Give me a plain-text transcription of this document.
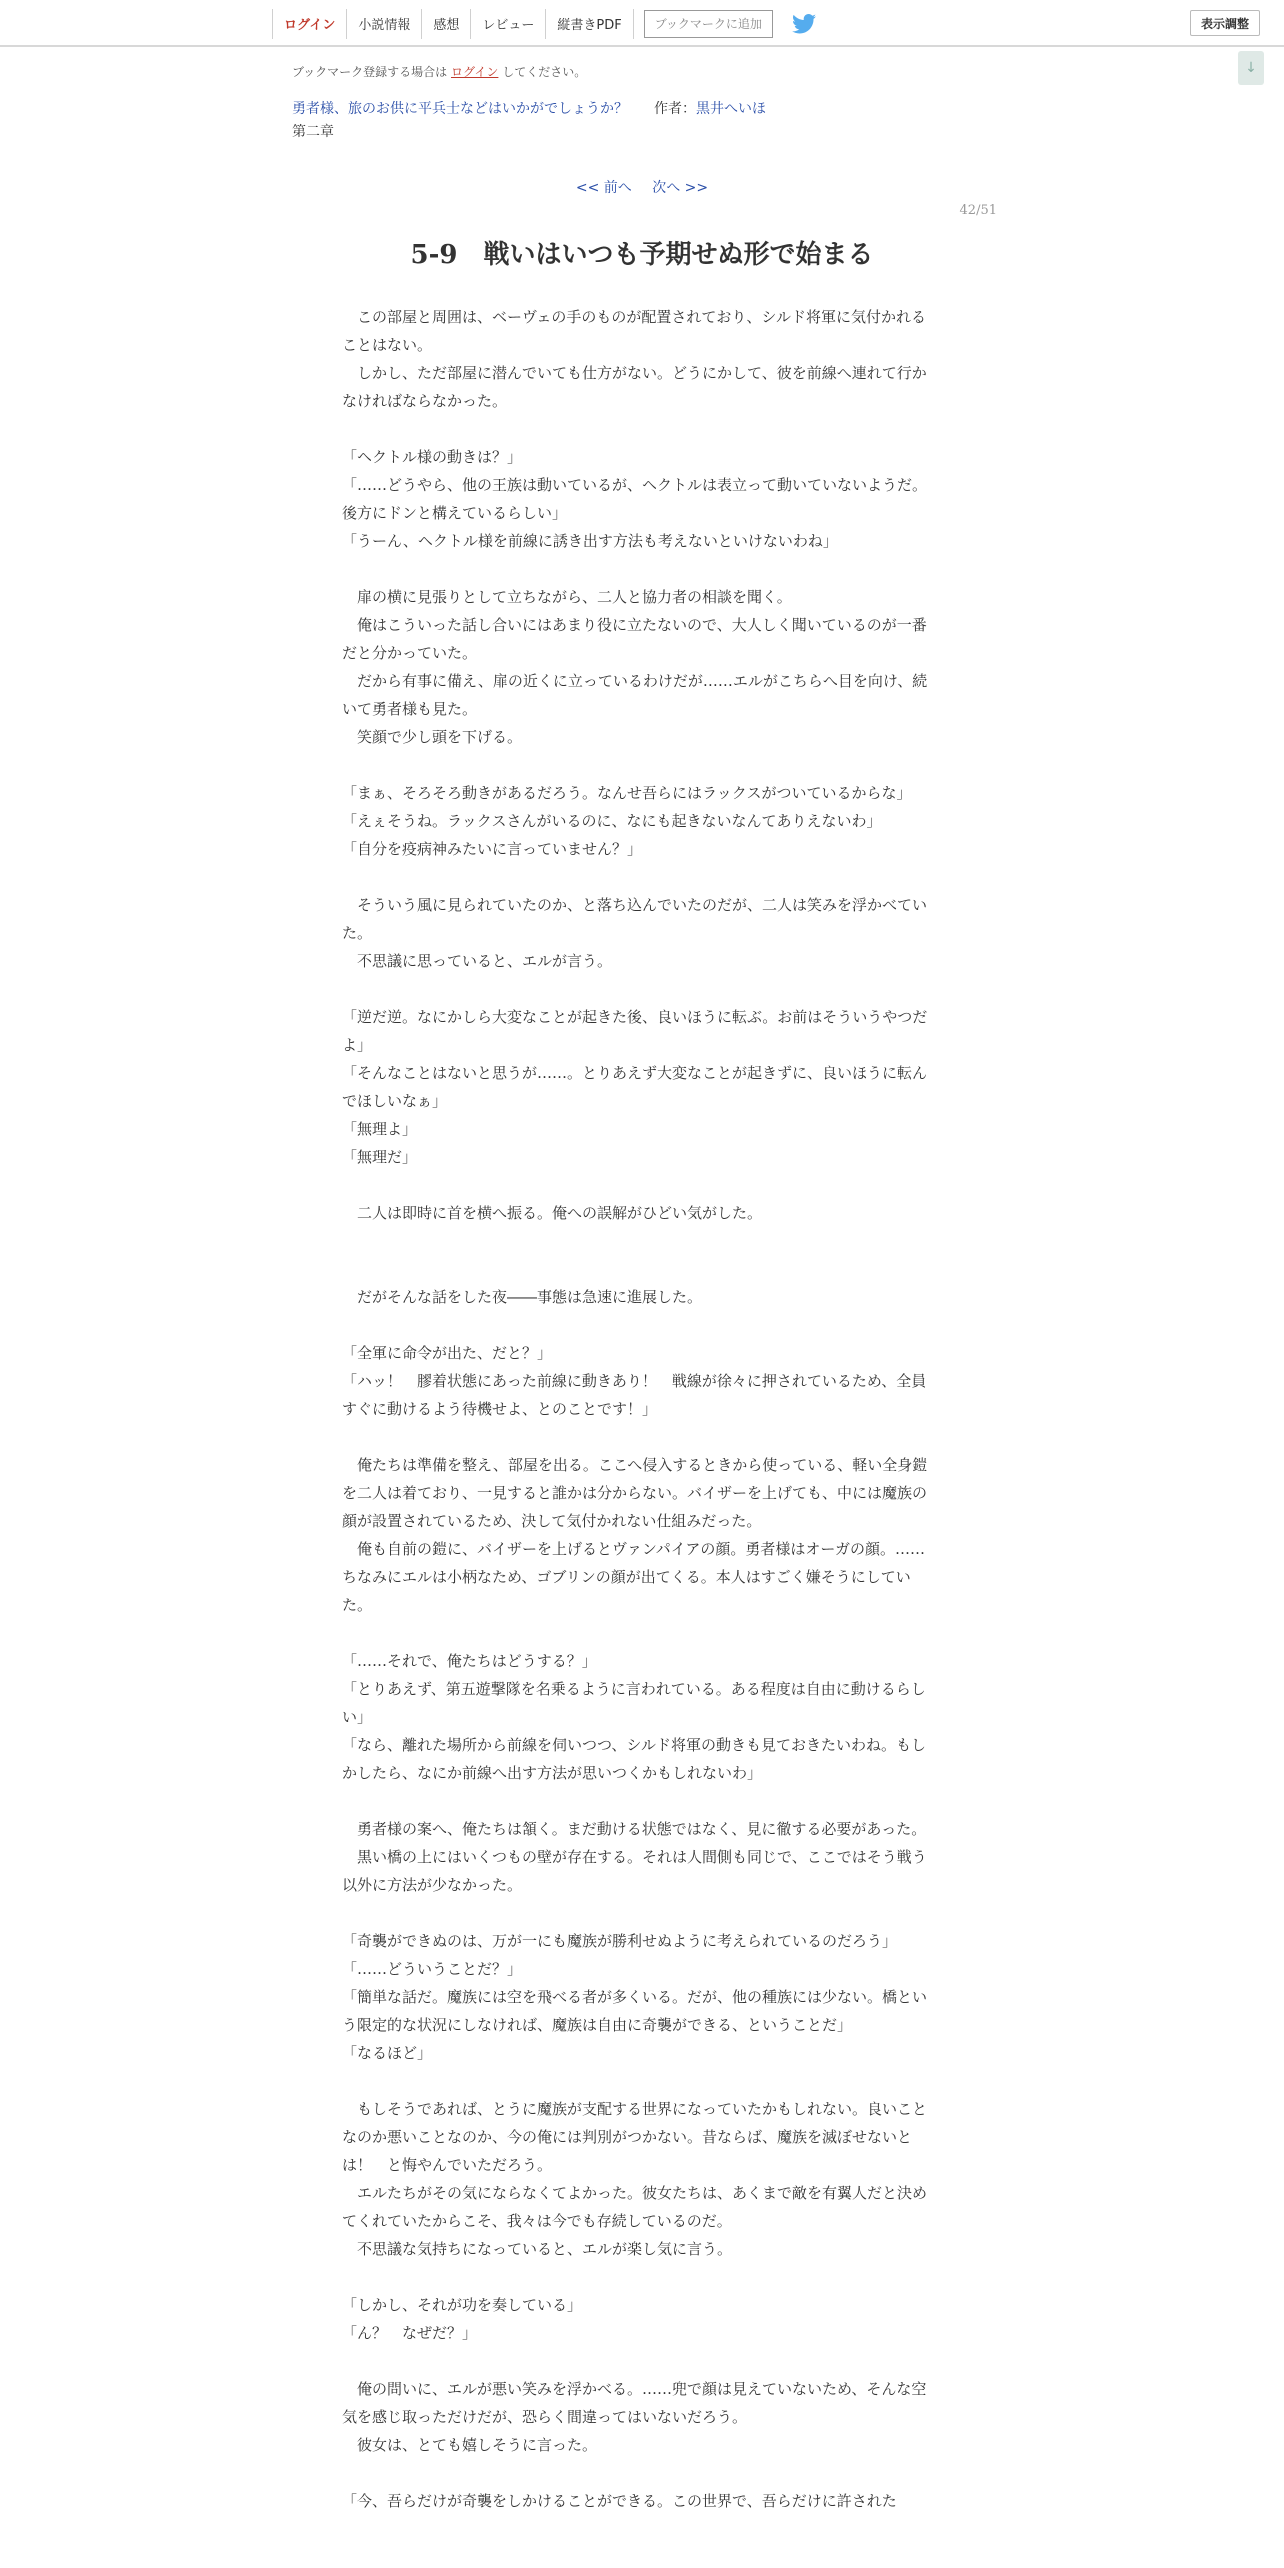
ログイン	小説情報	感想	レビュー	縦書きPDF	ブックマークに追加	表示調整
↓
ブックマーク登録する場合は ログイン してください。
勇者様、旅のお供に平兵士などはいかがでしょうか？ 作者： 黒井へいほ
第二章
<< 前へ 次へ >>
42/51
5-9　戦いはいつも予期せぬ形で始まる

　この部屋と周囲は、ベーヴェの手のものが配置されており、シルド将軍に気付かれることはない。

　しかし、ただ部屋に潜んでいても仕方がない。どうにかして、彼を前線へ連れて行かなければならなかった。

「ヘクトル様の動きは？」

「……どうやら、他の王族は動いているが、ヘクトルは表立って動いていないようだ。後方にドンと構えているらしい」

「うーん、ヘクトル様を前線に誘き出す方法も考えないといけないわね」

　扉の横に見張りとして立ちながら、二人と協力者の相談を聞く。

　俺はこういった話し合いにはあまり役に立たないので、大人しく聞いているのが一番だと分かっていた。

　だから有事に備え、扉の近くに立っているわけだが……エルがこちらへ目を向け、続いて勇者様も見た。

　笑顔で少し頭を下げる。

「まぁ、そろそろ動きがあるだろう。なんせ吾らにはラックスがついているからな」

「えぇそうね。ラックスさんがいるのに、なにも起きないなんてありえないわ」

「自分を疫病神みたいに言っていません？」

　そういう風に見られていたのか、と落ち込んでいたのだが、二人は笑みを浮かべていた。

　不思議に思っていると、エルが言う。

「逆だ逆。なにかしら大変なことが起きた後、良いほうに転ぶ。お前はそういうやつだよ」

「そんなことはないと思うが……。とりあえず大変なことが起きずに、良いほうに転んでほしいなぁ」

「無理よ」

「無理だ」

　二人は即時に首を横へ振る。俺への誤解がひどい気がした。

　だがそんな話をした夜――事態は急速に進展した。

「全軍に命令が出た、だと？」

「ハッ！　膠着状態にあった前線に動きあり！　戦線が徐々に押されているため、全員すぐに動けるよう待機せよ、とのことです！」

　俺たちは準備を整え、部屋を出る。ここへ侵入するときから使っている、軽い全身鎧を二人は着ており、一見すると誰かは分からない。バイザーを上げても、中には魔族の顔が設置されているため、決して気付かれない仕組みだった。

　俺も自前の鎧に、バイザーを上げるとヴァンパイアの顔。勇者様はオーガの顔。……ちなみにエルは小柄なため、ゴブリンの顔が出てくる。本人はすごく嫌そうにしていた。

「……それで、俺たちはどうする？」

「とりあえず、第五遊撃隊を名乗るように言われている。ある程度は自由に動けるらしい」

「なら、離れた場所から前線を伺いつつ、シルド将軍の動きも見ておきたいわね。もしかしたら、なにか前線へ出す方法が思いつくかもしれないわ」

　勇者様の案へ、俺たちは頷く。まだ動ける状態ではなく、見に徹する必要があった。

　黒い橋の上にはいくつもの壁が存在する。それは人間側も同じで、ここではそう戦う以外に方法が少なかった。

「奇襲ができぬのは、万が一にも魔族が勝利せぬように考えられているのだろう」

「……どういうことだ？」

「簡単な話だ。魔族には空を飛べる者が多くいる。だが、他の種族には少ない。橋という限定的な状況にしなければ、魔族は自由に奇襲ができる、ということだ」

「なるほど」

　もしそうであれば、とうに魔族が支配する世界になっていたかもしれない。良いことなのか悪いことなのか、今の俺には判別がつかない。昔ならば、魔族を滅ぼせないとは！　と悔やんでいただろう。

　エルたちがその気にならなくてよかった。彼女たちは、あくまで敵を有翼人だと決めてくれていたからこそ、我々は今でも存続しているのだ。

　不思議な気持ちになっていると、エルが楽し気に言う。

「しかし、それが功を奏している」

「ん？　なぜだ？」

　俺の問いに、エルが悪い笑みを浮かべる。……兜で顔は見えていないため、そんな空気を感じ取っただけだが、恐らく間違ってはいないだろう。

　彼女は、とても嬉しそうに言った。

「今、吾らだけが奇襲をしかけることができる。この世界で、吾らだけに許された
